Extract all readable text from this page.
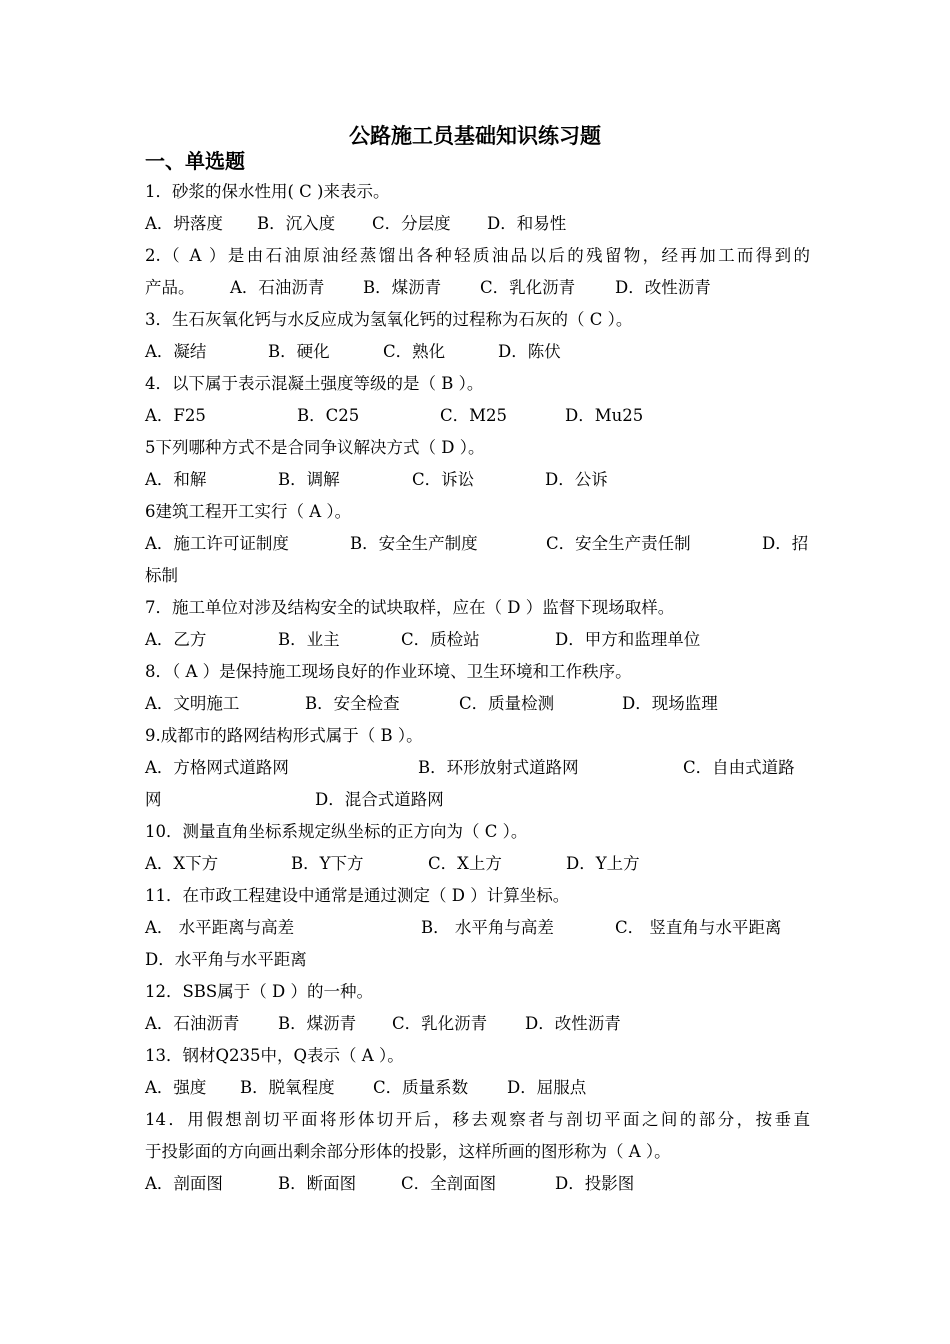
公路施工员基础知识练习题
一、单选题
1．砂浆的保水性用( C )来表示。
A．坍落度 B．沉入度 C．分层度 D．和易性
2.（ A ）是由石油原油经蒸馏出各种轻质油品以后的残留物，经再加工而得到的
产品。 A．石油沥青 B．煤沥青 C．乳化沥青 D．改性沥青
3．生石灰氧化钙与水反应成为氢氧化钙的过程称为石灰的（ C ）。
A．凝结	B．硬化	C．熟化	D．陈伏
4．以下属于表示混凝土强度等级的是（ B ）。
A．F25	B．C25	C．M25	D．Mu25
5下列哪种方式不是合同争议解决方式（ D ）。
A．和解	B．调解	C．诉讼	D．公诉
6建筑工程开工实行（ A ）。
A．施工许可证制度	B．安全生产制度	C．安全生产责任制	D．招
标制
7．施工单位对涉及结构安全的试块取样，应在（ D ）监督下现场取样。
A．乙方	B．业主	C．质检站	D．甲方和监理单位
8．（ A ）是保持施工现场良好的作业环境、卫生环境和工作秩序。
A．文明施工	B．安全检查	C．质量检测	D．现场监理
9.成都市的路网结构形式属于（ B ）。
A．方格网式道路网	B．环形放射式道路网	C．自由式道路
网	D．混合式道路网
10．测量直角坐标系规定纵坐标的正方向为（ C ）。
A．X下方	B．Y下方	C．X上方	D．Y上方
11．在市政工程建设中通常是通过测定（ D ）计算坐标。
A． 水平距离与高差	B． 水平角与高差	C． 竖直角与水平距离
D．水平角与水平距离
12．SBS属于（ D ）的一种。
A．石油沥青 B．煤沥青 C．乳化沥青 D．改性沥青
13．钢材Q235中，Q表示（ A ）。
A．强度 B．脱氧程度 C．质量系数 D．屈服点
14．用假想剖切平面将形体切开后，移去观察者与剖切平面之间的部分，按垂直
于投影面的方向画出剩余部分形体的投影，这样所画的图形称为（ A ）。
A．剖面图	B．断面图	C．全剖面图	D．投影图
